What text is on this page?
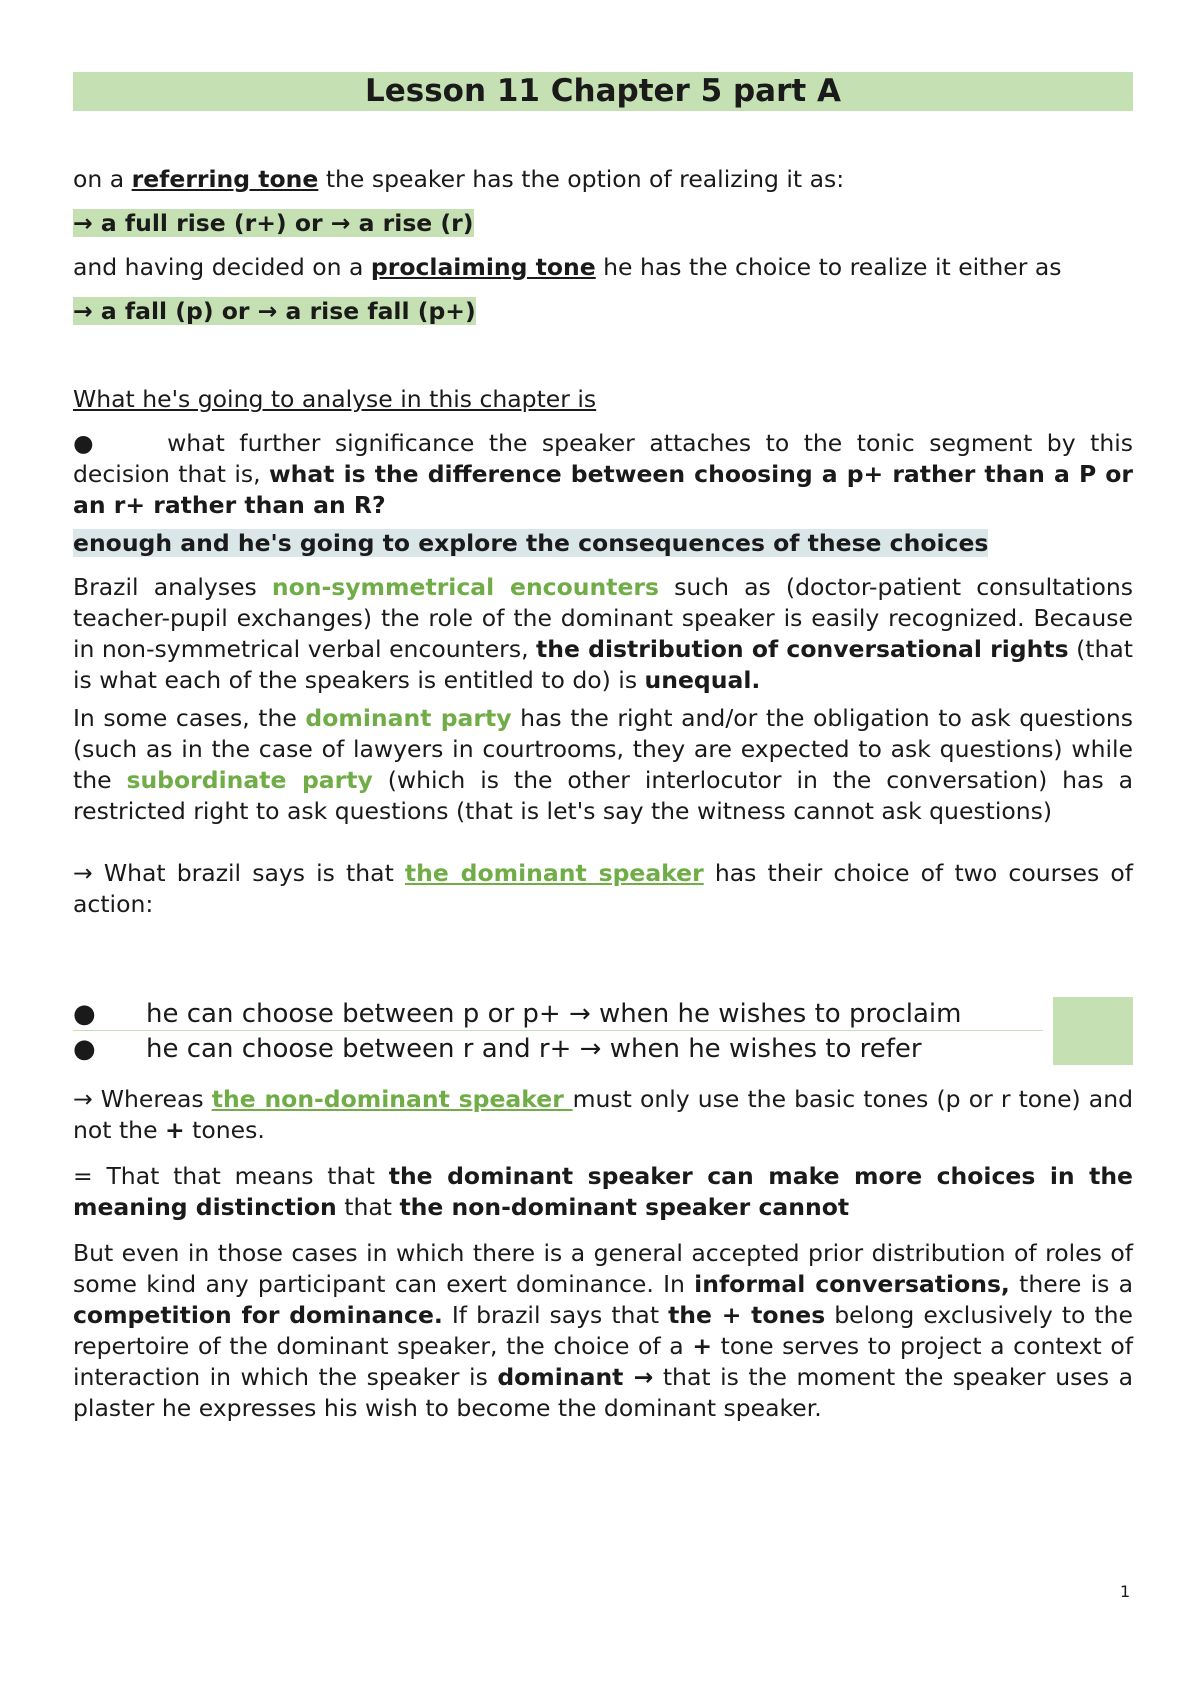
Lesson 11 Chapter 5 part A
on a referring tone the speaker has the option of realizing it as:
→ a full rise (r+) or → a rise (r)
and having decided on a proclaiming tone he has the choice to realize it either as
→ a fall (p) or → a rise fall (p+)
What he's going to analyse in this chapter is
●	what further significance the speaker attaches to the tonic segment by this decision that is, what is the difference between choosing a p+ rather than a P or an r+ rather than an R?
enough and he's going to explore the consequences of these choices
Brazil analyses non-symmetrical encounters such as (doctor-patient consultations teacher-pupil exchanges) the role of the dominant speaker is easily recognized. Because in non-symmetrical verbal encounters, the distribution of conversational rights (that is what each of the speakers is entitled to do) is unequal.
In some cases, the dominant party has the right and/or the obligation to ask questions (such as in the case of lawyers in courtrooms, they are expected to ask questions) while the subordinate party (which is the other interlocutor in the conversation) has a restricted right to ask questions (that is let's say the witness cannot ask questions)
→ What brazil says is that the dominant speaker has their choice of two courses of action:
● he can choose between p or p+ → when he wishes to proclaim
● he can choose between r and r+ → when he wishes to refer
→ Whereas the non-dominant speaker must only use the basic tones (p or r tone) and not the + tones.
= That that means that the dominant speaker can make more choices in the meaning distinction that the non-dominant speaker cannot
But even in those cases in which there is a general accepted prior distribution of roles of some kind any participant can exert dominance. In informal conversations, there is a competition for dominance. If brazil says that the + tones belong exclusively to the repertoire of the dominant speaker, the choice of a + tone serves to project a context of interaction in which the speaker is dominant → that is the moment the speaker uses a plaster he expresses his wish to become the dominant speaker.
1
